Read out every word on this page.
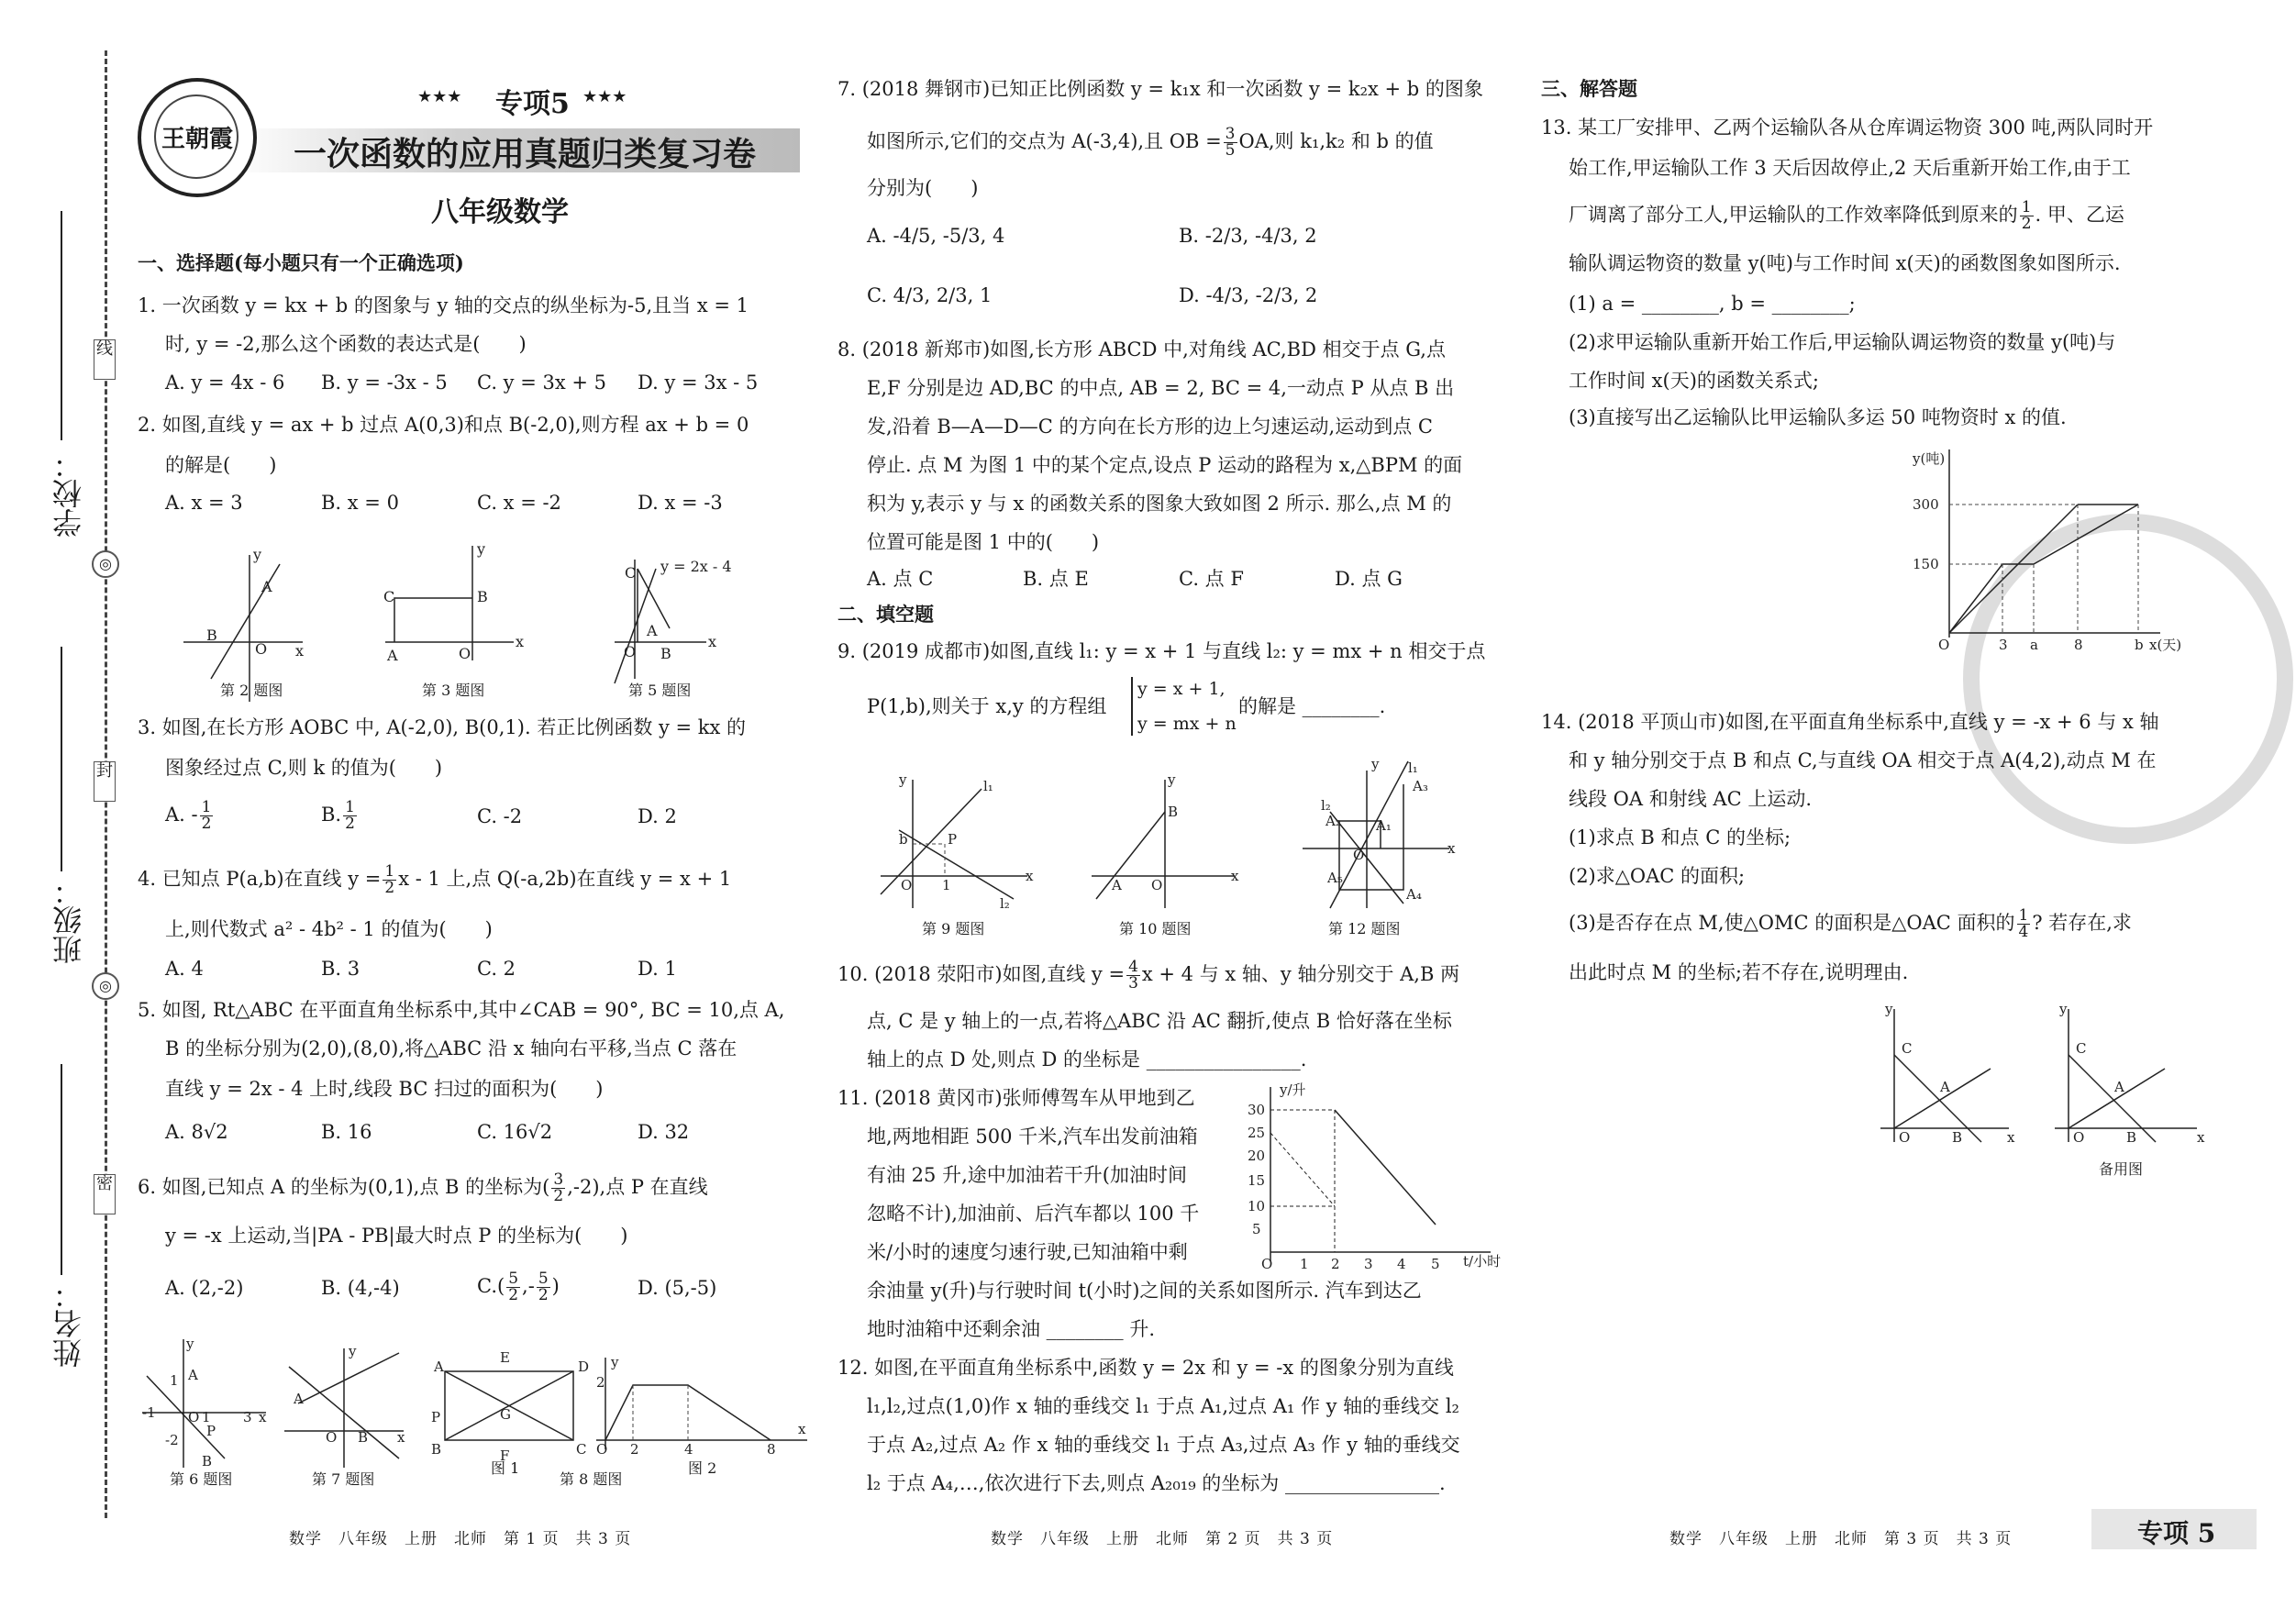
学校：
班级：
姓名：
线
◎
封
◎
密
王朝霞
★★★ 专项5 ★★★
一次函数的应用真题归类复习卷
八年级数学
一、选择题(每小题只有一个正确选项)
1. 一次函数 y = kx + b 的图象与 y 轴的交点的纵坐标为-5,且当 x = 1
时, y = -2,那么这个函数的表达式是(　　)
A. y = 4x - 6 B. y = -3x - 5 C. y = 3x + 5 D. y = 3x - 5
2. 如图,直线 y = ax + b 过点 A(0,3)和点 B(-2,0),则方程 ax + b = 0
的解是(　　)
A. x = 3	B. x = 0	C. x = -2	D. x = -3
B
O
A
y
x
C	B
A	O
y
x
C
A
B
O
x
y = 2x - 4
第 2 题图	第 3 题图	第 5 题图
3. 如图,在长方形 AOBC 中, A(-2,0), B(0,1). 若正比例函数 y = kx 的
图象经过点 C,则 k 的值为(　　)
A. - $\frac{1}{2}$	B. $\frac{1}{2}$	C. -2	D. 2
4. 已知点 P(a,b)在直线 $y = \frac{1}{2}$ x - 1 上,点 Q(-a,2b)在直线 y = x + 1
上,则代数式 a² - 4b² - 1 的值为(　　)
A. 4	B. 3	C. 2	D. 1
5. 如图, Rt△ABC 在平面直角坐标系中,其中∠CAB = 90°, BC = 10,点 A,
B 的坐标分别为(2,0),(8,0),将△ABC 沿 x 轴向右平移,当点 C 落在
直线 y = 2x - 4 上时,线段 BC 扫过的面积为(　　)
A. 8√2	B. 16	C. 16√2	D. 32
6. 如图,已知点 A 的坐标为(0,1),点 B 的坐标为( $\frac{3}{2} ,-2$),点 P 在直线
y = -x 上运动,当|PA - PB|最大时点 P 的坐标为(　　)
A. (2,-2)	B. (4,-4)	$C.( \frac{5}{2}$ ,- $\frac{5}{2}$ )	D. (5,-5)
y
1 A
-1 O 1 3 x
P
-2
B
y
A
O B x
A
E
D
P	G
B	F	C
y
2
O 2	4	8
x
第 6 题图	第 7 题图
图 1
第 8 题图
图 2
数学　八年级　上册　北师　第 1 页　共 3 页
7. (2018 舞钢市)已知正比例函数 y = k₁x 和一次函数 y = k₂x + b 的图象
如图所示,它们的交点为 A(-3,4),且 OB = $\frac{3}{5}$ OA,则 k₁,k₂ 和 b 的值
分别为(　　)
A. -4/5, -5/3, 4	B. -2/3, -4/3, 2
C. 4/3, 2/3, 1	D. -4/3, -2/3, 2
8. (2018 新郑市)如图,长方形 ABCD 中,对角线 AC,BD 相交于点 G,点
E,F 分别是边 AD,BC 的中点, AB = 2, BC = 4,一动点 P 从点 B 出
发,沿着 B—A—D—C 的方向在长方形的边上匀速运动,运动到点 C
停止. 点 M 为图 1 中的某个定点,设点 P 运动的路程为 x,△BPM 的面
积为 y,表示 y 与 x 的函数关系的图象大致如图 2 所示. 那么,点 M 的
位置可能是图 1 中的(　　)
A. 点 C	B. 点 E	C. 点 F	D. 点 G
二、填空题
9. (2019 成都市)如图,直线 l₁: y = x + 1 与直线 l₂: y = mx + n 相交于点
P(1,b),则关于 x,y 的方程组
y = x + 1,
y = mx + n
的解是 ________.
y	l₁
P
b
O 1
l₂
x
y
B
A O
x
y l₁
A₃
l₂
A₂	A₁
O
A₅
A₄
x
第 9 题图	第 10 题图	第 12 题图
10. (2018 荥阳市)如图,直线 $y = \frac{4}{3}$ x + 4 与 x 轴、y 轴分别交于 A,B 两
点, C 是 y 轴上的一点,若将△ABC 沿 AC 翻折,使点 B 恰好落在坐标
轴上的点 D 处,则点 D 的坐标是 ________________.
11. (2018 黄冈市)张师傅驾车从甲地到乙
地,两地相距 500 千米,汽车出发前油箱
有油 25 升,途中加油若干升(加油时间
忽略不计),加油前、后汽车都以 100 千
米/小时的速度匀速行驶,已知油箱中剩
余油量 y(升)与行驶时间 t(小时)之间的关系如图所示. 汽车到达乙
地时油箱中还剩余油 ________ 升.
y/升
t/小时
30
25
20
15
10
5
O 1 2 3 4 5
12. 如图,在平面直角坐标系中,函数 y = 2x 和 y = -x 的图象分别为直线
l₁,l₂,过点(1,0)作 x 轴的垂线交 l₁ 于点 A₁,过点 A₁ 作 y 轴的垂线交 l₂
于点 A₂,过点 A₂ 作 x 轴的垂线交 l₁ 于点 A₃,过点 A₃ 作 y 轴的垂线交
l₂ 于点 A₄,…,依次进行下去,则点 A₂₀₁₉ 的坐标为 ________________.
数学　八年级　上册　北师　第 2 页　共 3 页
三、解答题
13. 某工厂安排甲、乙两个运输队各从仓库调运物资 300 吨,两队同时开
始工作,甲运输队工作 3 天后因故停止,2 天后重新开始工作,由于工
厂调离了部分工人,甲运输队的工作效率降低到原来的 $\frac{1}{2}$ . 甲、乙运
输队调运物资的数量 y(吨)与工作时间 x(天)的函数图象如图所示.
(1) a = ________, b = ________;
(2)求甲运输队重新开始工作后,甲运输队调运物资的数量 y(吨)与
工作时间 x(天)的函数关系式;
(3)直接写出乙运输队比甲运输队多运 50 吨物资时 x 的值.
y(吨)
300
150
O	3 a	8	b x(天)
14. (2018 平顶山市)如图,在平面直角坐标系中,直线 y = -x + 6 与 x 轴
和 y 轴分别交于点 B 和点 C,与直线 OA 相交于点 A(4,2),动点 M 在
线段 OA 和射线 AC 上运动.
(1)求点 B 和点 C 的坐标;
(2)求△OAC 的面积;
(3)是否存在点 M,使△OMC 的面积是△OAC 面积的 $\frac{1}{4}$ ? 若存在,求
出此时点 M 的坐标;若不存在,说明理由.
y
C
A
O	B	x
y
C
A
O	B	x
备用图
数学　八年级　上册　北师　第 3 页　共 3 页	专项 5
